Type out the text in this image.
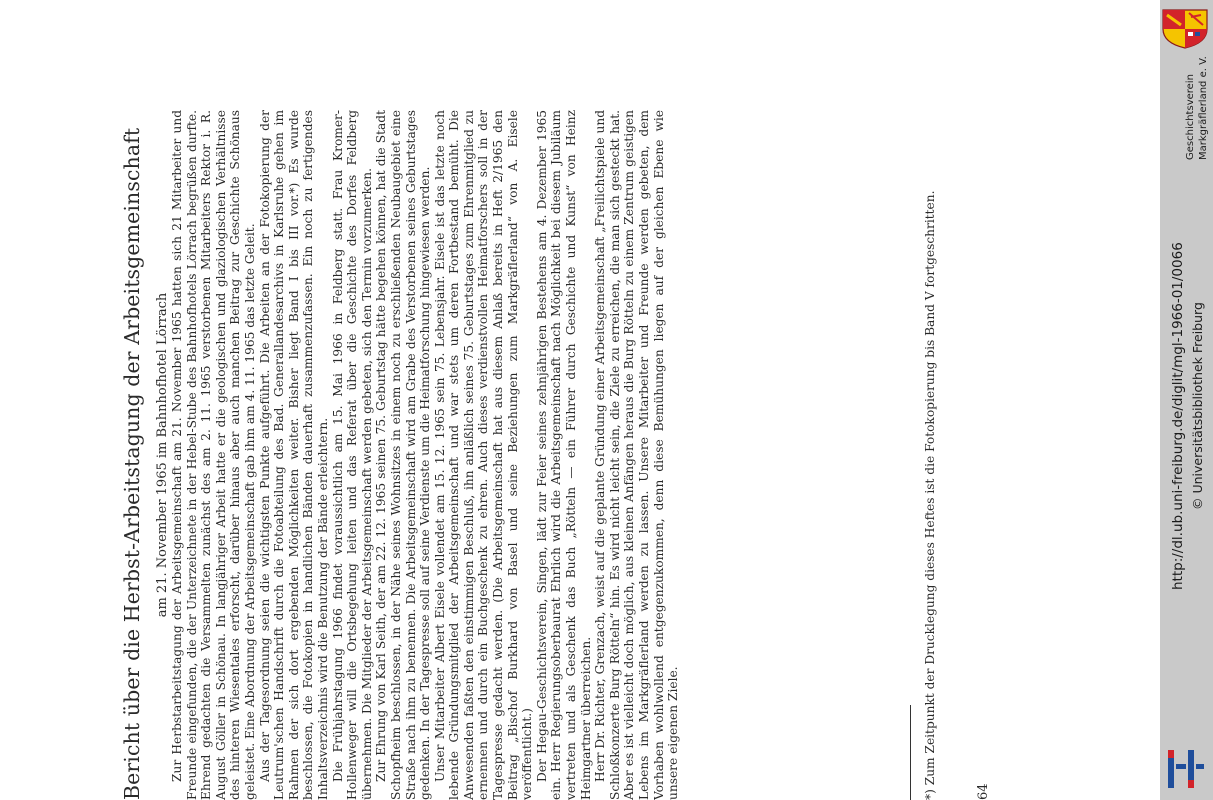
Bericht über die Herbst-Arbeitstagung der Arbeitsgemeinschaft am 21. November 1965 im Bahnhofhotel Lörrach Zur Herbstarbeitstagung der Arbeitsgemeinschaft am 21. November 1965 hatten sich 21 Mitarbeiter und Freunde eingefunden, die der Unterzeichnete in der Hebel-Stube des Bahnhofhotels Lörrach begrüßen durfte. Ehrend gedachten die Versammelten zunächst des am 2. 11. 1965 verstorbenen Mitarbeiters Rektor i. R. August Göller in Schönau. In langjähriger Arbeit hatte er die geologischen und glaziologischen Verhältnisse des hinteren Wiesentales erforscht, darüber hinaus aber auch manchen Beitrag zur Geschichte Schönaus geleistet. Eine Abordnung der Arbeitsgemeinschaft gab ihm am 4. 11. 1965 das letzte Geleit. Aus der Tagesordnung seien die wichtigsten Punkte aufgeführt. Die Arbeiten an der Fotokopierung der Leutrum'schen Handschrift durch die Fotoabteilung des Bad. Generallandesarchivs in Karlsruhe gehen im Rahmen der sich dort ergebenden Möglichkeiten weiter. Bisher liegt Band I bis III vor.*) Es wurde beschlossen, die Fotokopien in handlichen Bänden dauerhaft zusammenzufassen. Ein noch zu fertigendes Inhaltsverzeichnis wird die Benutzung der Bände erleichtern. Die Frühjahrstagung 1966 findet voraussichtlich am 15. Mai 1966 in Feldberg statt. Frau Kromer-Hollenweger will die Ortsbegehung leiten und das Referat über die Geschichte des Dorfes Feldberg übernehmen. Die Mitglieder der Arbeitsgemeinschaft werden gebeten, sich den Termin vorzumerken. Zur Ehrung von Karl Seith, der am 22. 12. 1965 seinen 75. Geburtstag hätte begehen können, hat die Stadt Schopfheim beschlossen, in der Nähe seines Wohnsitzes in einem noch zu erschließenden Neubaugebiet eine Straße nach ihm zu benennen. Die Arbeitsgemeinschaft wird am Grabe des Verstorbenen seines Geburtstages gedenken. In der Tagespresse soll auf seine Verdienste um die Heimatforschung hingewiesen werden. Unser Mitarbeiter Albert Eisele vollendet am 15. 12. 1965 sein 75. Lebensjahr. Eisele ist das letzte noch lebende Gründungsmitglied der Arbeitsgemeinschaft und war stets um deren Fortbestand bemüht. Die Anwesenden faßten den einstimmigen Beschluß, ihn anläßlich seines 75. Geburtstages zum Ehrenmitglied zu ernennen und durch ein Buchgeschenk zu ehren. Auch dieses verdienstvollen Heimatforschers soll in der Tagespresse gedacht werden. (Die Arbeitsgemeinschaft hat aus diesem Anlaß bereits in Heft 2/1965 den Beitrag „Bischof Burkhard von Basel und seine Beziehungen zum Markgräflerland“ von A. Eisele veröffentlicht.) Der Hegau-Geschichtsverein, Singen, lädt zur Feier seines zehnjährigen Bestehens am 4. Dezember 1965 ein. Herr Regierungsoberbaurat Ehrlich wird die Arbeitsgemeinschaft nach Möglichkeit bei diesem Jubiläum vertreten und als Geschenk das Buch „Rötteln — ein Führer durch Geschichte und Kunst“ von Heinz Heimgartner überreichen. Herr Dr. Richter, Grenzach, weist auf die geplante Gründung einer Arbeitsgemeinschaft „Freilichtspiele und Schloßkonzerte Burg Rötteln“ hin. Es wird nicht leicht sein, die Ziele zu erreichen, die man sich gesteckt hat. Aber es ist vielleicht doch möglich, aus kleinen Anfängen heraus die Burg Rötteln zu einem Zentrum geistigen Lebens im Markgräflerland werden zu lassen. Unsere Mitarbeiter und Freunde werden gebeten, dem Vorhaben wohlwollend entgegenzukommen, denn diese Bemühungen liegen auf der gleichen Ebene wie unsere eigenen Ziele.	*) Zum Zeitpunkt der Drucklegung dieses Heftes ist die Fotokopierung bis Band V fortgeschritten.	64
Geschichtsverein Markgräflerland e. V.
http://dl.ub.uni-freiburg.de/diglit/mgl-1966-01/0066 © Universitätsbibliothek Freiburg
